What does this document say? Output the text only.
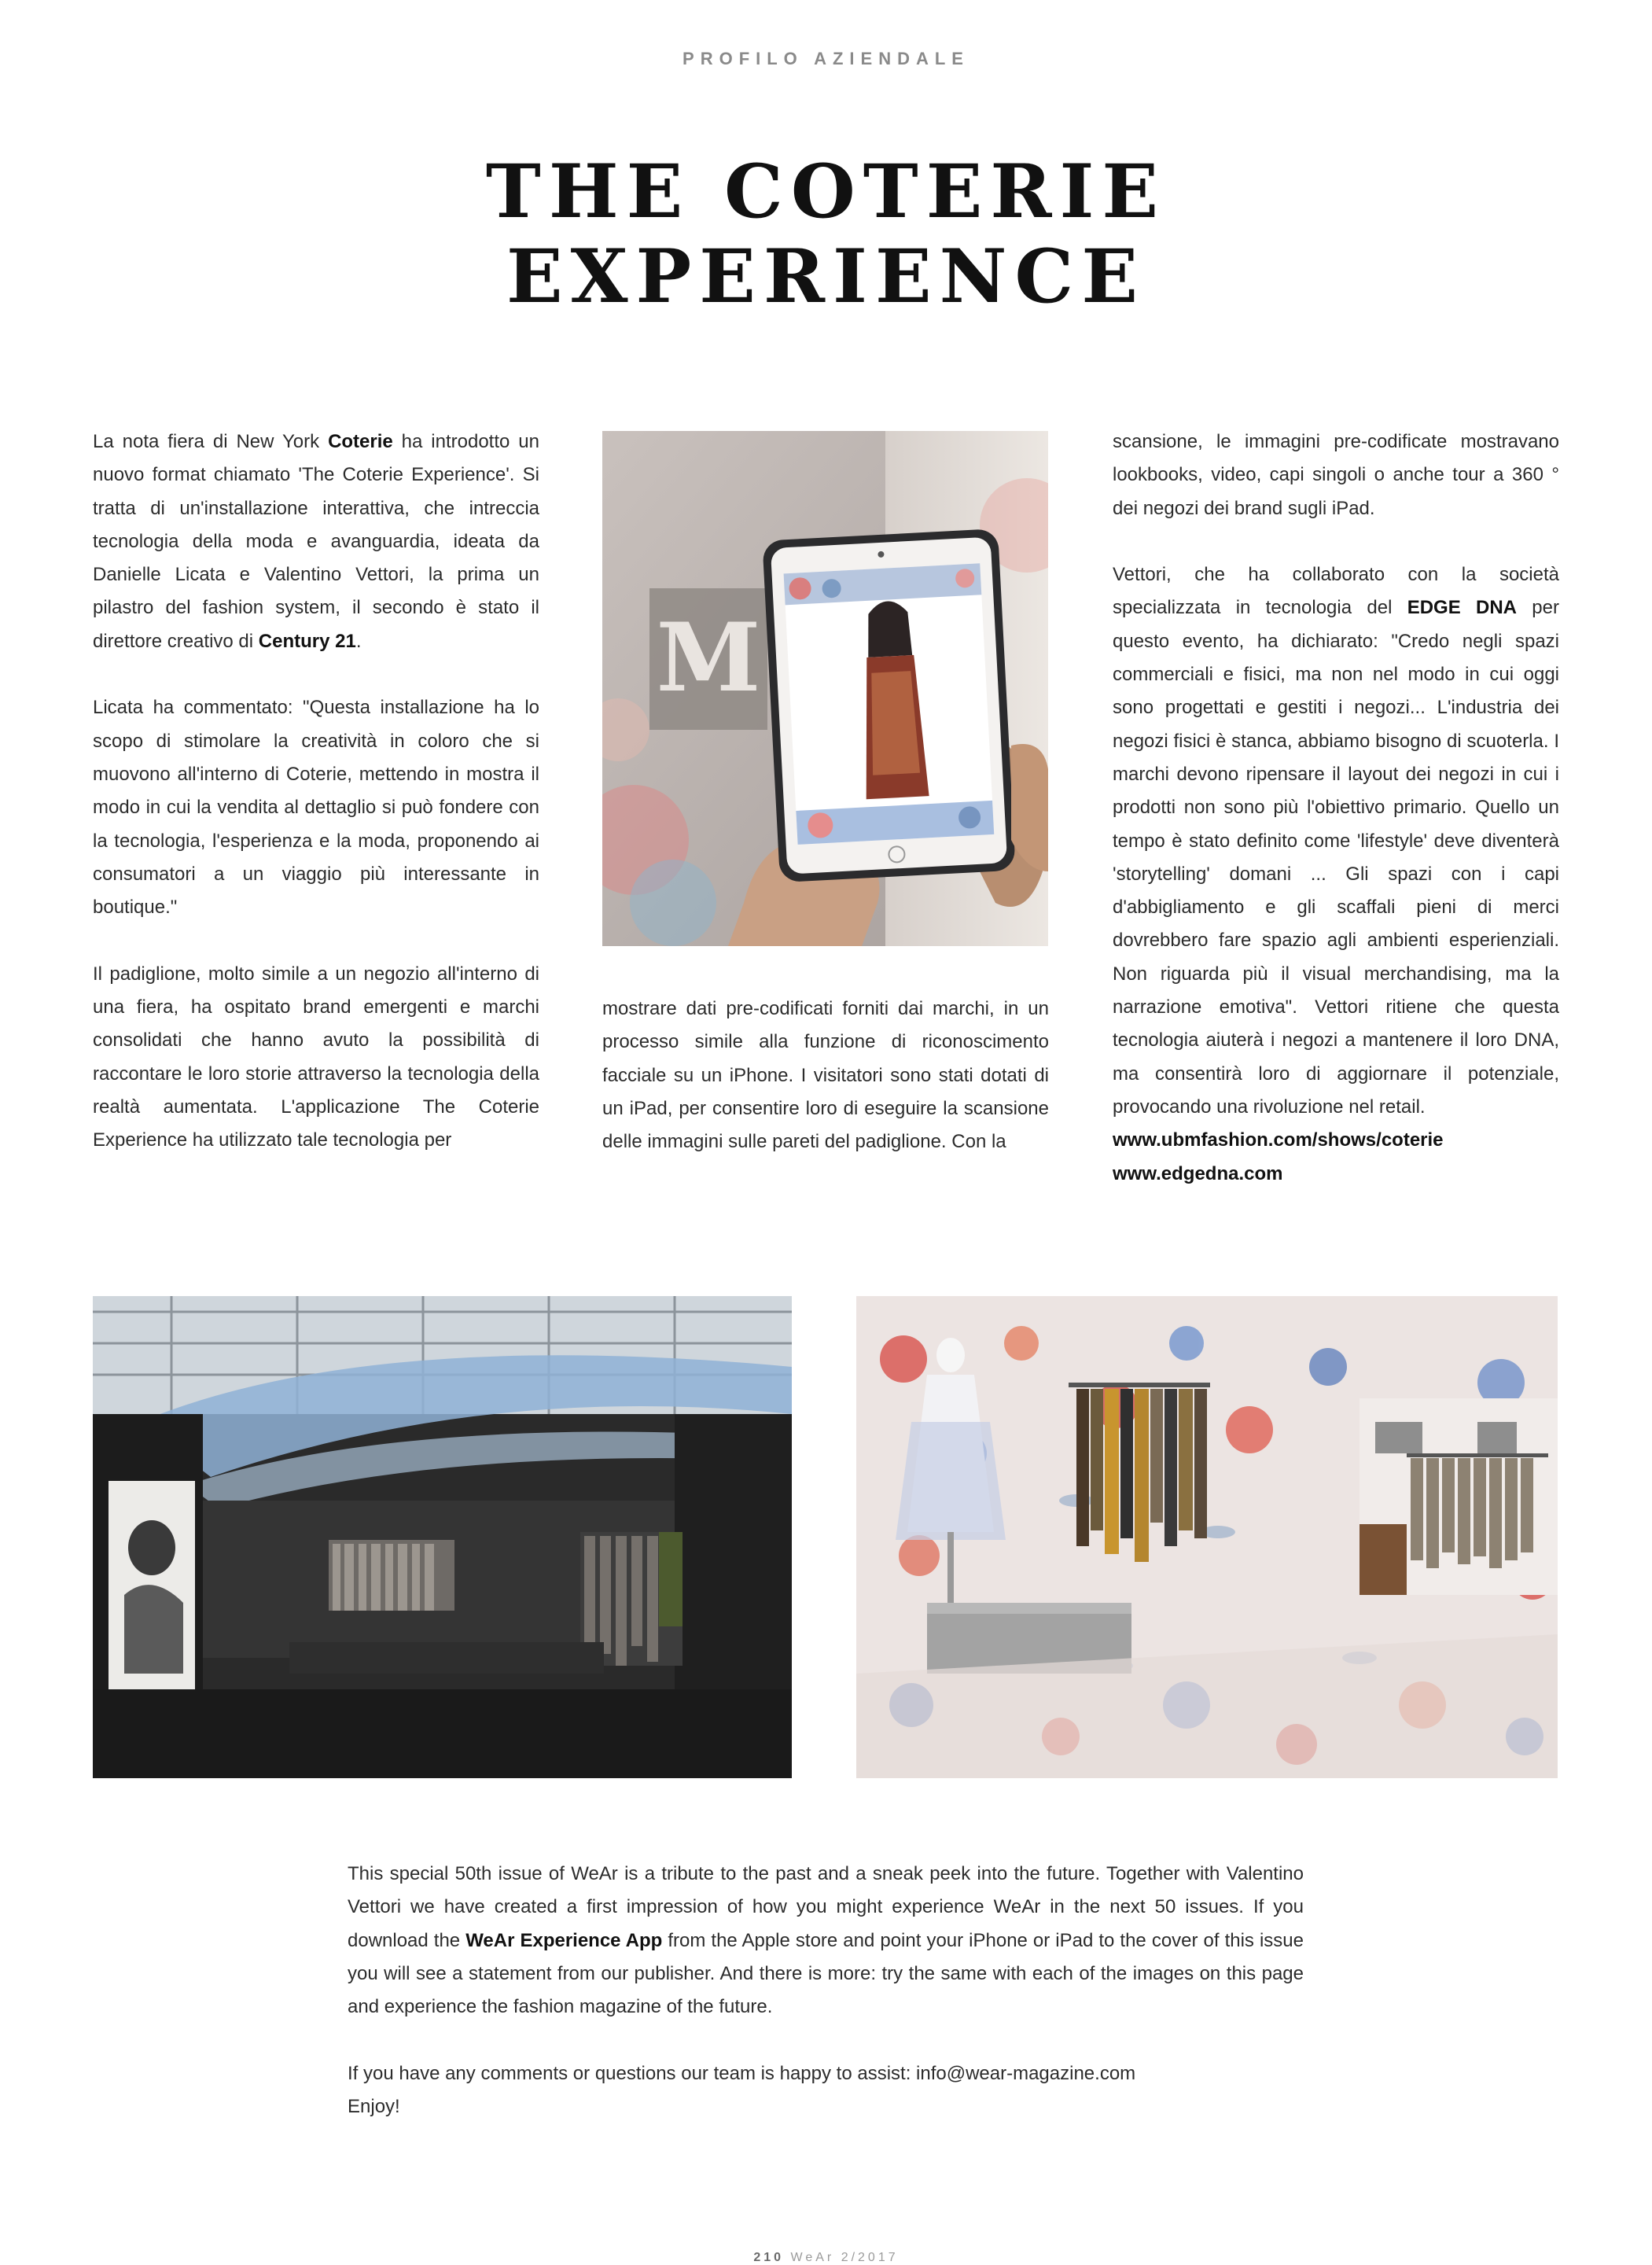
PROFILO AZIENDALE
THE COTERIE
EXPERIENCE

La nota fiera di New York Coterie ha introdotto un nuovo format chiamato 'The Coterie Experience'. Si tratta di un'installazione interattiva, che intreccia tecnologia della moda e avanguardia, ideata da Danielle Licata e Valentino Vettori, la prima un pilastro del fashion system, il secondo è stato il direttore creativo di Century 21.

Licata ha commentato: "Questa installazione ha lo scopo di stimolare la creatività in coloro che si muovono all'interno di Coterie, mettendo in mostra il modo in cui la vendita al dettaglio si può fondere con la tecnologia, l'esperienza e la moda, proponendo ai consumatori a un viaggio più interessante in boutique."

Il padiglione, molto simile a un negozio all'interno di una fiera, ha ospitato brand emergenti e marchi consolidati che hanno avuto la possibilità di raccontare le loro storie attraverso la tecnologia della realtà aumentata. L'applicazione The Coterie Experience ha utilizzato tale tecnologia per

M

mostrare dati pre-codificati forniti dai marchi, in un processo simile alla funzione di riconoscimento facciale su un iPhone. I visitatori sono stati dotati di un iPad, per consentire loro di eseguire la scansione delle immagini sulle pareti del padiglione. Con la

scansione, le immagini pre-codificate mostravano lookbooks, video, capi singoli o anche tour a 360 ° dei negozi dei brand sugli iPad.

Vettori, che ha collaborato con la società specializzata in tecnologia del EDGE DNA per questo evento, ha dichiarato: "Credo negli spazi commerciali e fisici, ma non nel modo in cui oggi sono progettati e gestiti i negozi... L'industria dei negozi fisici è stanca, abbiamo bisogno di scuoterla. I marchi devono ripensare il layout dei negozi in cui i prodotti non sono più l'obiettivo primario. Quello un tempo è stato definito come 'lifestyle' deve diventerà 'storytelling' domani ... Gli spazi con i capi d'abbigliamento e gli scaffali pieni di merci dovrebbero fare spazio agli ambienti esperienziali. Non riguarda più il visual merchandising, ma la narrazione emotiva". Vettori ritiene che questa tecnologia aiuterà i negozi a mantenere il loro DNA, ma consentirà loro di aggiornare il potenziale, provocando una rivoluzione nel retail.

www.ubmfashion.com/shows/coterie
www.edgedna.com

This special 50th issue of WeAr is a tribute to the past and a sneak peek into the future. Together with Valentino Vettori we have created a first impression of how you might experience WeAr in the next 50 issues. If you download the WeAr Experience App from the Apple store and point your iPhone or iPad to the cover of this issue you will see a statement from our publisher. And there is more: try the same with each of the images on this page and experience the fashion magazine of the future.

If you have any comments or questions our team is happy to assist: info@wear-magazine.com
Enjoy!

210 WeAr 2/2017
